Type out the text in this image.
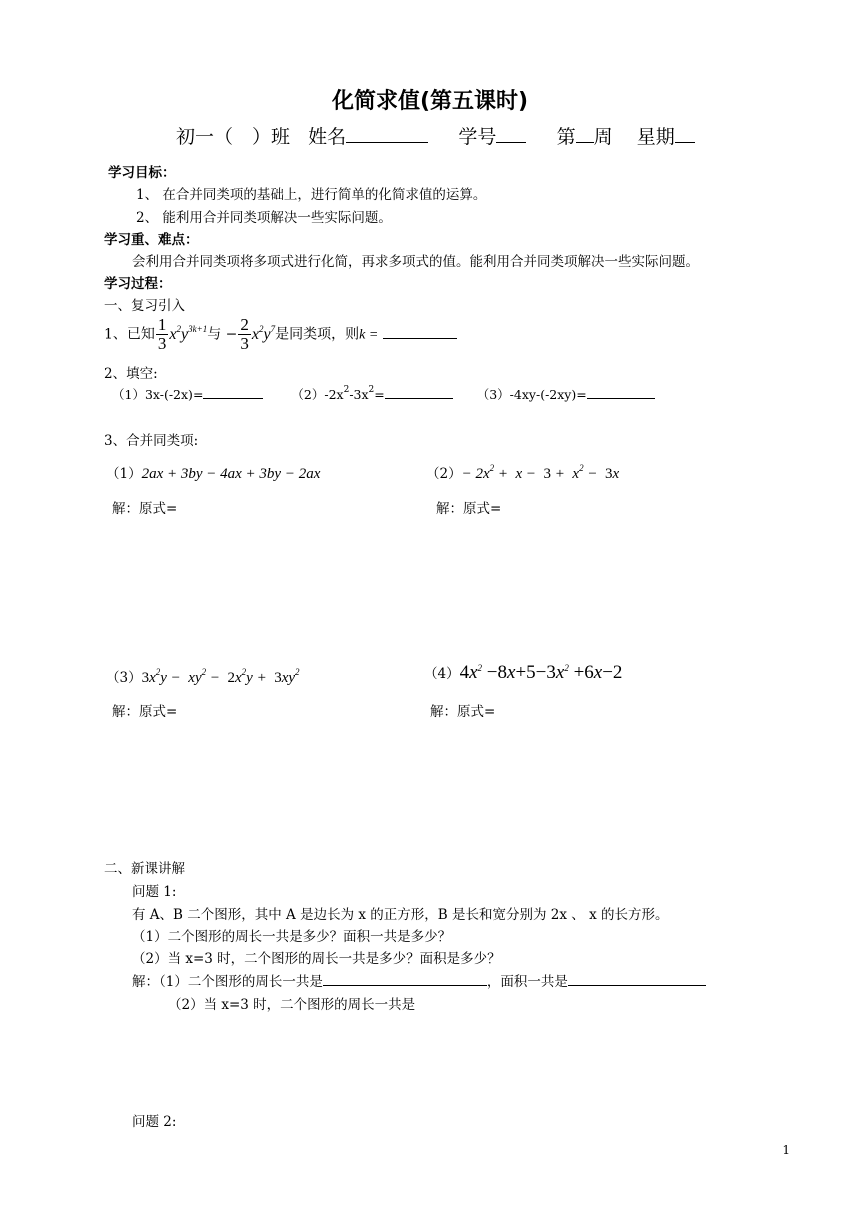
化简求值(第五课时)
初一（　）班 姓名	学号	第 周 星期
学习目标：
1、 在合并同类项的基础上，进行简单的化简求值的运算。
2、 能利用合并同类项解决一些实际问题。
学习重、难点：
会利用合并同类项将多项式进行化简，再求多项式的值。能利用合并同类项解决一些实际问题。
学习过程：
一、复习引入
1、已知 $\frac{1}{3} x^2y^{3k+1}$与 − $\frac{2}{3} x^2y^7$是同类项，则k =
2、填空:
（1）3x-(-2x)=	$(2)-2x^2-3x^2=$	（3）-4xy-(-2xy)=
3、合并同类项:
（1）2ax + 3by − 4ax + 3by − 2ax	$(2)- 2x^2 + x - 3 + x^2 - 3x$
解：原式=	解：原式=
$(3)3x^2y - xy^2 - 2x^2y + 3xy^2$	$(4)4x^2 -8x+5-3x^2 +6x-2$
解：原式=	解：原式=
二、新课讲解
问题 1:
有 A、B 二个图形，其中 A 是边长为 x 的正方形，B 是长和宽分别为 2x 、 x 的长方形。
（1）二个图形的周长一共是多少？面积一共是多少？
（2）当 x=3 时，二个图形的周长一共是多少？面积是多少？
解：（1）二个图形的周长一共是	，面积一共是
（2）当 x=3 时，二个图形的周长一共是
问题 2:
1
